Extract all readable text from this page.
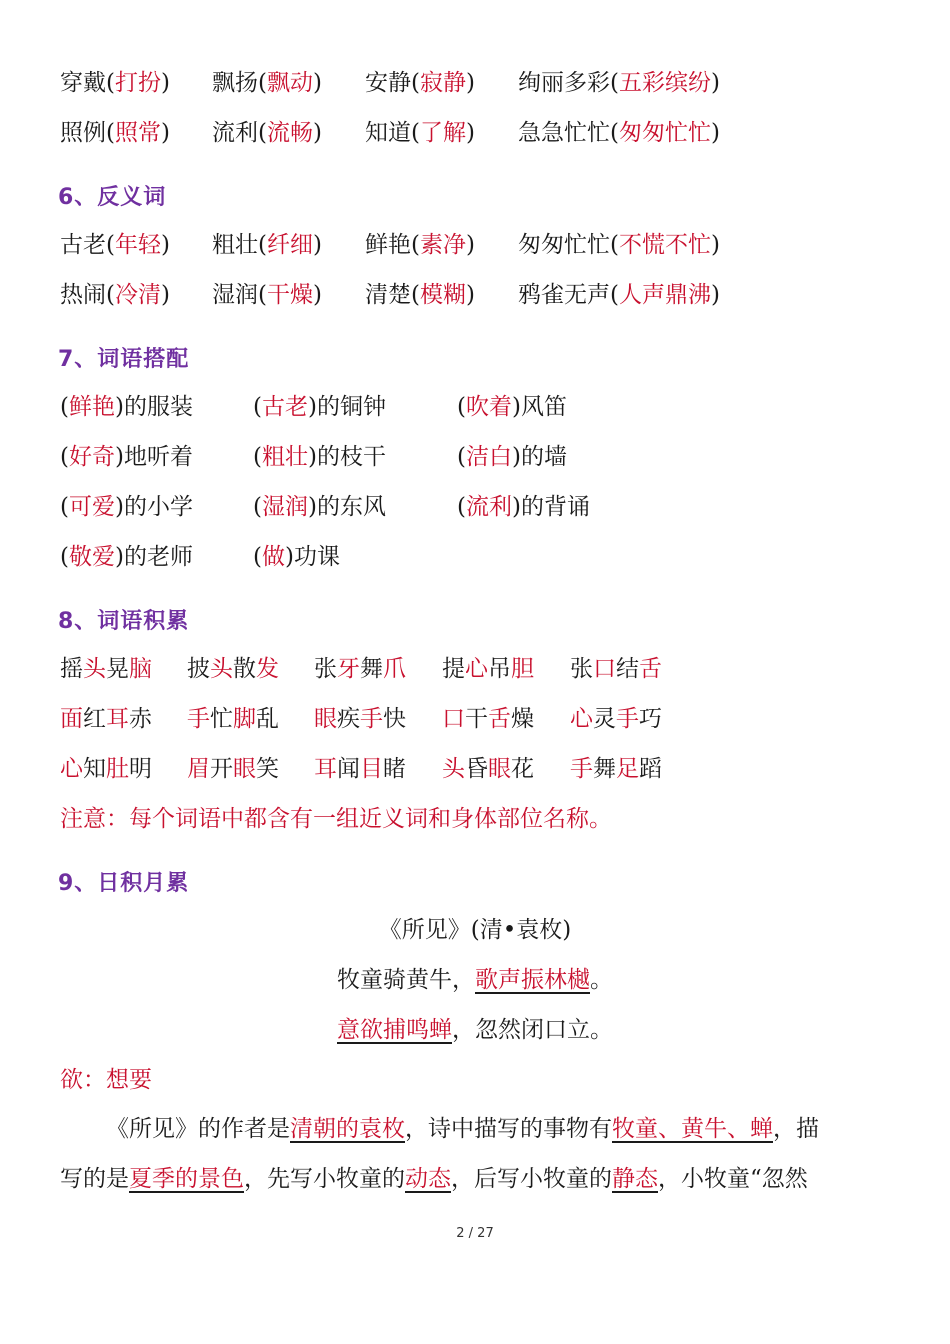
穿戴(打扮) 飘扬(飘动) 安静(寂静) 绚丽多彩(五彩缤纷)
照例(照常) 流利(流畅) 知道(了解) 急急忙忙(匆匆忙忙)
6、反义词
古老(年轻) 粗壮(纤细) 鲜艳(素净) 匆匆忙忙(不慌不忙)
热闹(冷清) 湿润(干燥) 清楚(模糊) 鸦雀无声(人声鼎沸)
7、词语搭配
(鲜艳)的服装	(古老)的铜钟	(吹着)风笛
(好奇)地听着	(粗壮)的枝干	(洁白)的墙
(可爱)的小学	(湿润)的东风	(流利)的背诵
(敬爱)的老师	(做)功课
8、词语积累
摇头晃脑 披头散发 张牙舞爪 提心吊胆 张口结舌
面红耳赤 手忙脚乱 眼疾手快 口干舌燥 心灵手巧
心知肚明 眉开眼笑 耳闻目睹 头昏眼花 手舞足蹈
注意：每个词语中都含有一组近义词和身体部位名称。
9、日积月累
《所见》(清•袁枚)
牧童骑黄牛，歌声振林樾。
意欲捕鸣蝉，忽然闭口立。
欲：想要
《所见》的作者是清朝的袁枚，诗中描写的事物有牧童、黄牛、蝉，描
写的是夏季的景色，先写小牧童的动态，后写小牧童的静态，小牧童“忽然
2 / 27
